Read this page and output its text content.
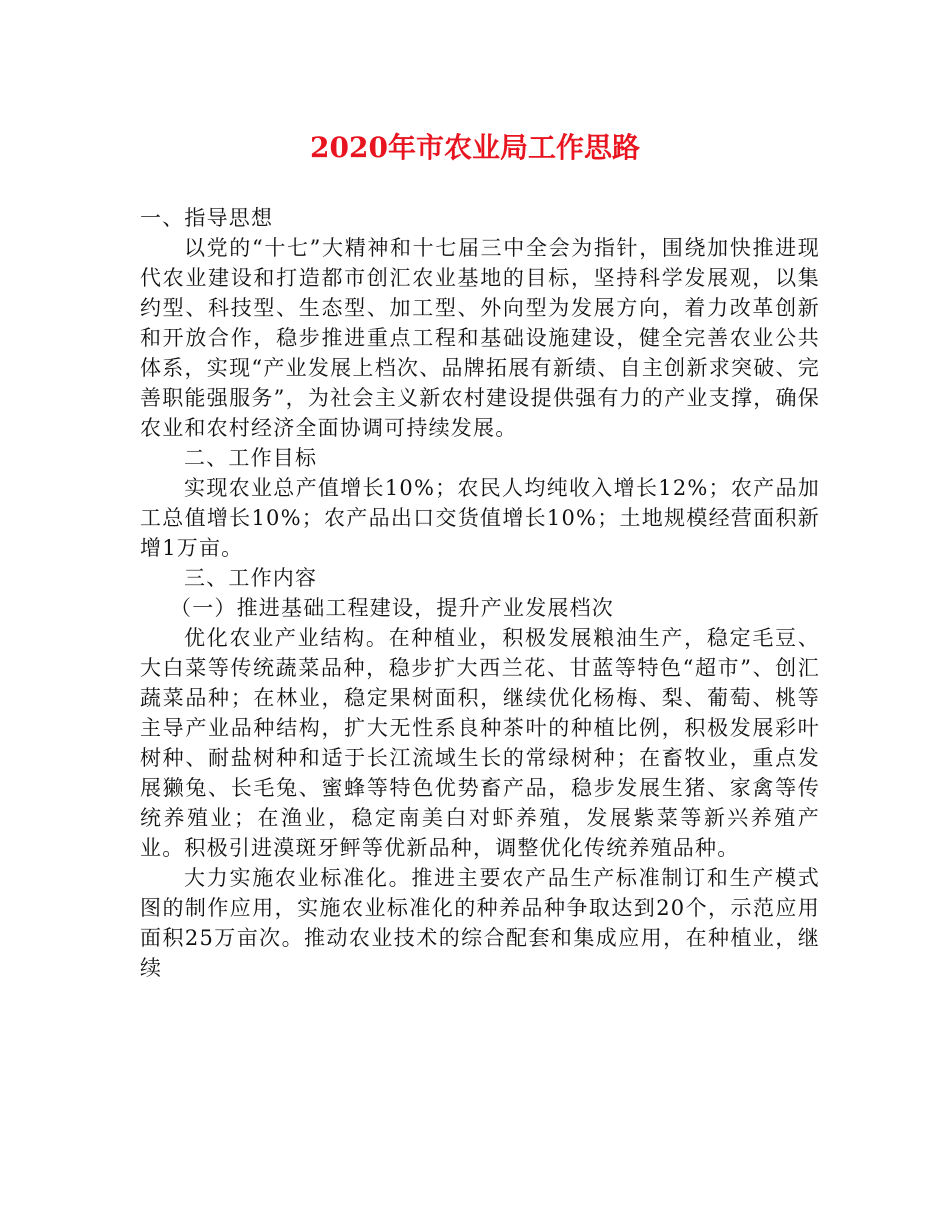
2020年市农业局工作思路

一、指导思想

以党的“十七”大精神和十七届三中全会为指针，围绕加快推进现代农业建设和打造都市创汇农业基地的目标，坚持科学发展观，以集约型、科技型、生态型、加工型、外向型为发展方向，着力改革创新和开放合作，稳步推进重点工程和基础设施建设，健全完善农业公共体系，实现“产业发展上档次、品牌拓展有新绩、自主创新求突破、完善职能强服务”，为社会主义新农村建设提供强有力的产业支撑，确保农业和农村经济全面协调可持续发展。

二、工作目标

实现农业总产值增长10%；农民人均纯收入增长12%；农产品加工总值增长10%；农产品出口交货值增长10%；土地规模经营面积新增1万亩。

三、工作内容

（一）推进基础工程建设，提升产业发展档次

优化农业产业结构。在种植业，积极发展粮油生产，稳定毛豆、大白菜等传统蔬菜品种，稳步扩大西兰花、甘蓝等特色“超市”、创汇蔬菜品种；在林业，稳定果树面积，继续优化杨梅、梨、葡萄、桃等主导产业品种结构，扩大无性系良种茶叶的种植比例，积极发展彩叶树种、耐盐树种和适于长江流域生长的常绿树种；在畜牧业，重点发展獭兔、长毛兔、蜜蜂等特色优势畜产品，稳步发展生猪、家禽等传统养殖业；在渔业，稳定南美白对虾养殖，发展紫菜等新兴养殖产业。积极引进漠斑牙鲆等优新品种，调整优化传统养殖品种。

大力实施农业标准化。推进主要农产品生产标准制订和生产模式图的制作应用，实施农业标准化的种养品种争取达到20个，示范应用面积25万亩次。推动农业技术的综合配套和集成应用，在种植业，继续
